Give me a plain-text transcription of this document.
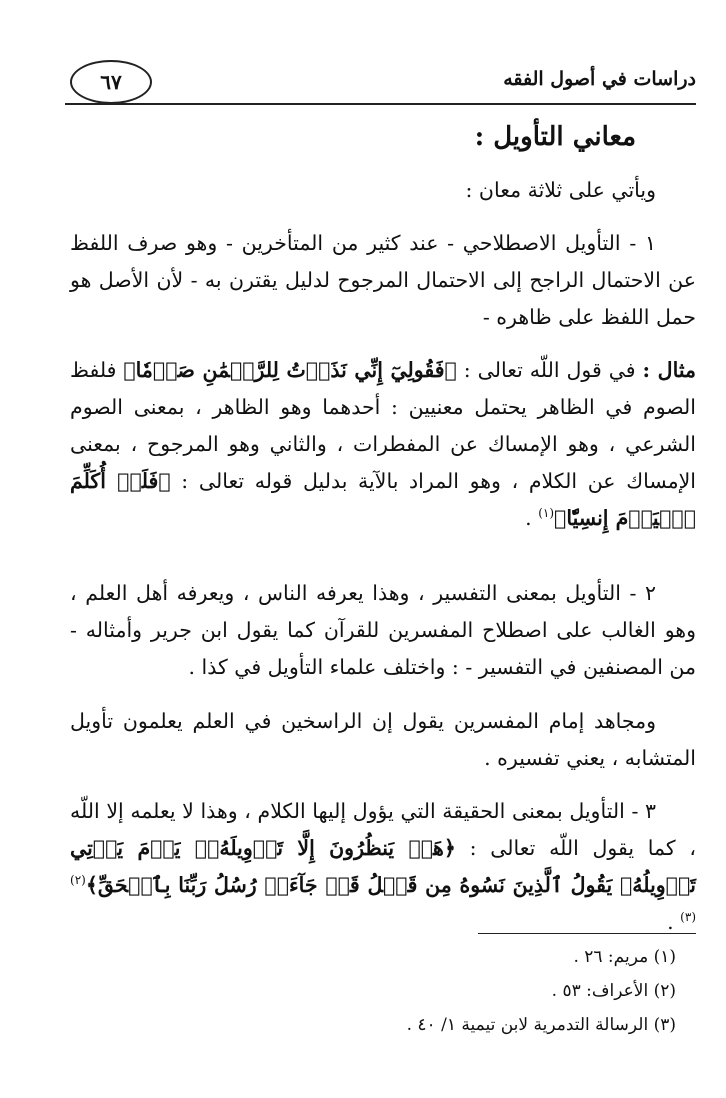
دراسات في أصول الفقه
٦٧
معاني التأويل :
ويأتي على ثلاثة معان :
١ - التأويل الاصطلاحي - عند كثير من المتأخرين - وهو صرف اللفظ عن الاحتمال الراجح إلى الاحتمال المرجوح لدليل يقترن به - لأن الأصل هو حمل اللفظ على ظاهره -
مثال : في قول اللّه تعالى : ﴿فَقُولِيٓ إِنِّي نَذَرۡتُ لِلرَّحۡمَٰنِ صَوۡمٗا﴾ فلفظ الصوم في الظاهر يحتمل معنيين : أحدهما وهو الظاهر ، بمعنى الصوم الشرعي ، وهو الإمساك عن المفطرات ، والثاني وهو المرجوح ، بمعنى الإمساك عن الكلام ، وهو المراد بالآية بدليل قوله تعالى : ﴿فَلَنۡ أُكَلِّمَ ٱلۡيَوۡمَ إِنسِيّٗا﴾$^{(١)}$ .
٢ - التأويل بمعنى التفسير ، وهذا يعرفه الناس ، ويعرفه أهل العلم ، وهو الغالب على اصطلاح المفسرين للقرآن كما يقول ابن جرير وأمثاله - من المصنفين في التفسير - : واختلف علماء التأويل في كذا .
ومجاهد إمام المفسرين يقول إن الراسخين في العلم يعلمون تأويل المتشابه ، يعني تفسيره .
٣ - التأويل بمعنى الحقيقة التي يؤول إليها الكلام ، وهذا لا يعلمه إلا اللّه ، كما يقول اللّه تعالى : ﴿هَلۡ يَنظُرُونَ إِلَّا تَأۡوِيلَهُۥۚ يَوۡمَ يَأۡتِي تَأۡوِيلُهُۥ يَقُولُ ٱلَّذِينَ نَسُوهُ مِن قَبۡلُ قَدۡ جَآءَتۡ رُسُلُ رَبِّنَا بِٱلۡحَقِّ﴾$^{(٢)(٣)}$ .
(١) مريم: ٢٦ .
(٢) الأعراف: ٥٣ .
(٣) الرسالة التدمرية لابن تيمية ١/ ٤٠ .
